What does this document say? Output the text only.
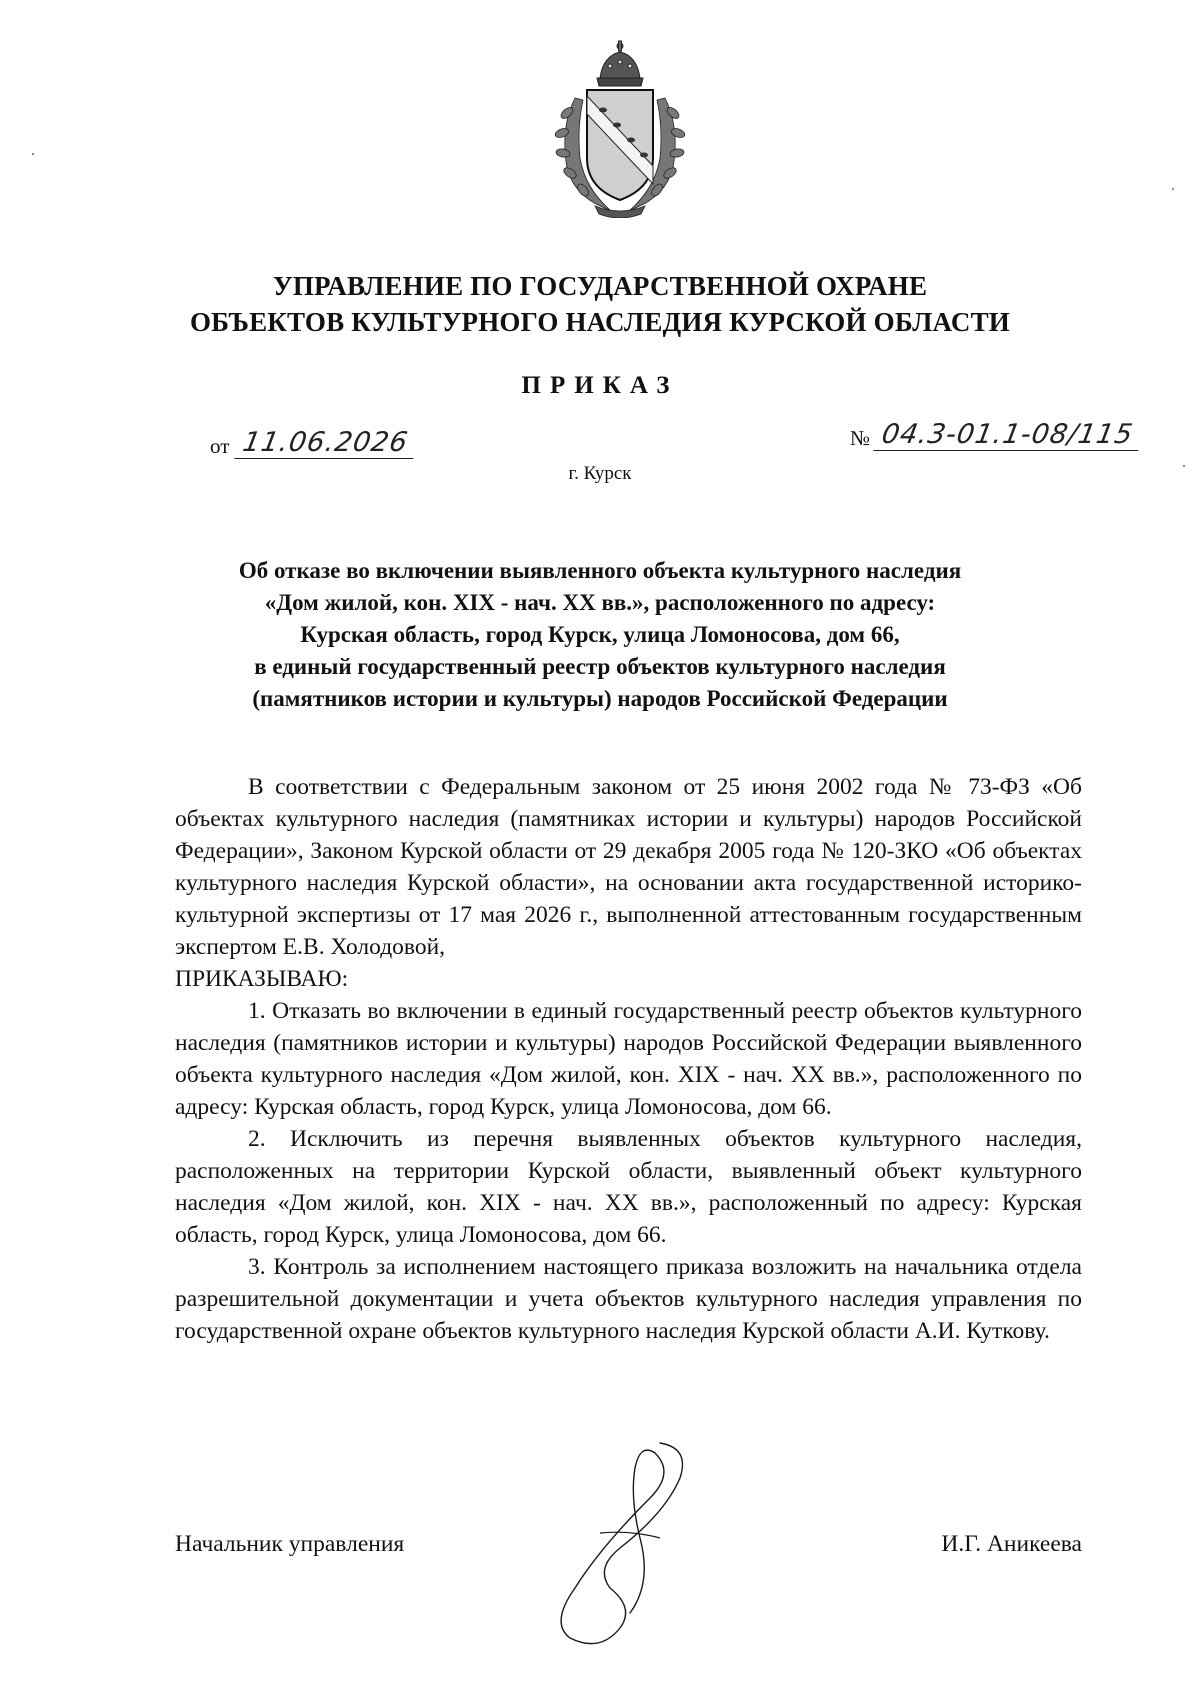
УПРАВЛЕНИЕ ПО ГОСУДАРСТВЕННОЙ ОХРАНЕ
ОБЪЕКТОВ КУЛЬТУРНОГО НАСЛЕДИЯ КУРСКОЙ ОБЛАСТИ
ПРИКАЗ
от 11.06.2026	№ 04.3-01.1-08/115
г. Курск
Об отказе во включении выявленного объекта культурного наследия
«Дом жилой, кон. XIX - нач. XX вв.», расположенного по адресу:
Курская область, город Курск, улица Ломоносова, дом 66,
в единый государственный реестр объектов культурного наследия
(памятников истории и культуры) народов Российской Федерации

В соответствии с Федеральным законом от 25 июня 2002 года № 73-ФЗ «Об объектах культурного наследия (памятниках истории и культуры) народов Российской Федерации», Законом Курской области от 29 декабря 2005 года № 120-ЗКО «Об объектах культурного наследия Курской области», на основании акта государственной историко-культурной экспертизы от 17 мая 2026 г., выполненной аттестованным государственным экспертом Е.В. Холодовой,

ПРИКАЗЫВАЮ:

1. Отказать во включении в единый государственный реестр объектов культурного наследия (памятников истории и культуры) народов Российской Федерации выявленного объекта культурного наследия «Дом жилой, кон. XIX - нач. XX вв.», расположенного по адресу: Курская область, город Курск, улица Ломоносова, дом 66.

2. Исключить из перечня выявленных объектов культурного наследия, расположенных на территории Курской области, выявленный объект культурного наследия «Дом жилой, кон. XIX - нач. XX вв.», расположенный по адресу: Курская область, город Курск, улица Ломоносова, дом 66.

3. Контроль за исполнением настоящего приказа возложить на начальника отдела разрешительной документации и учета объектов культурного наследия управления по государственной охране объектов культурного наследия Курской области А.И. Куткову.

Начальник управления	И.Г. Аникеева
